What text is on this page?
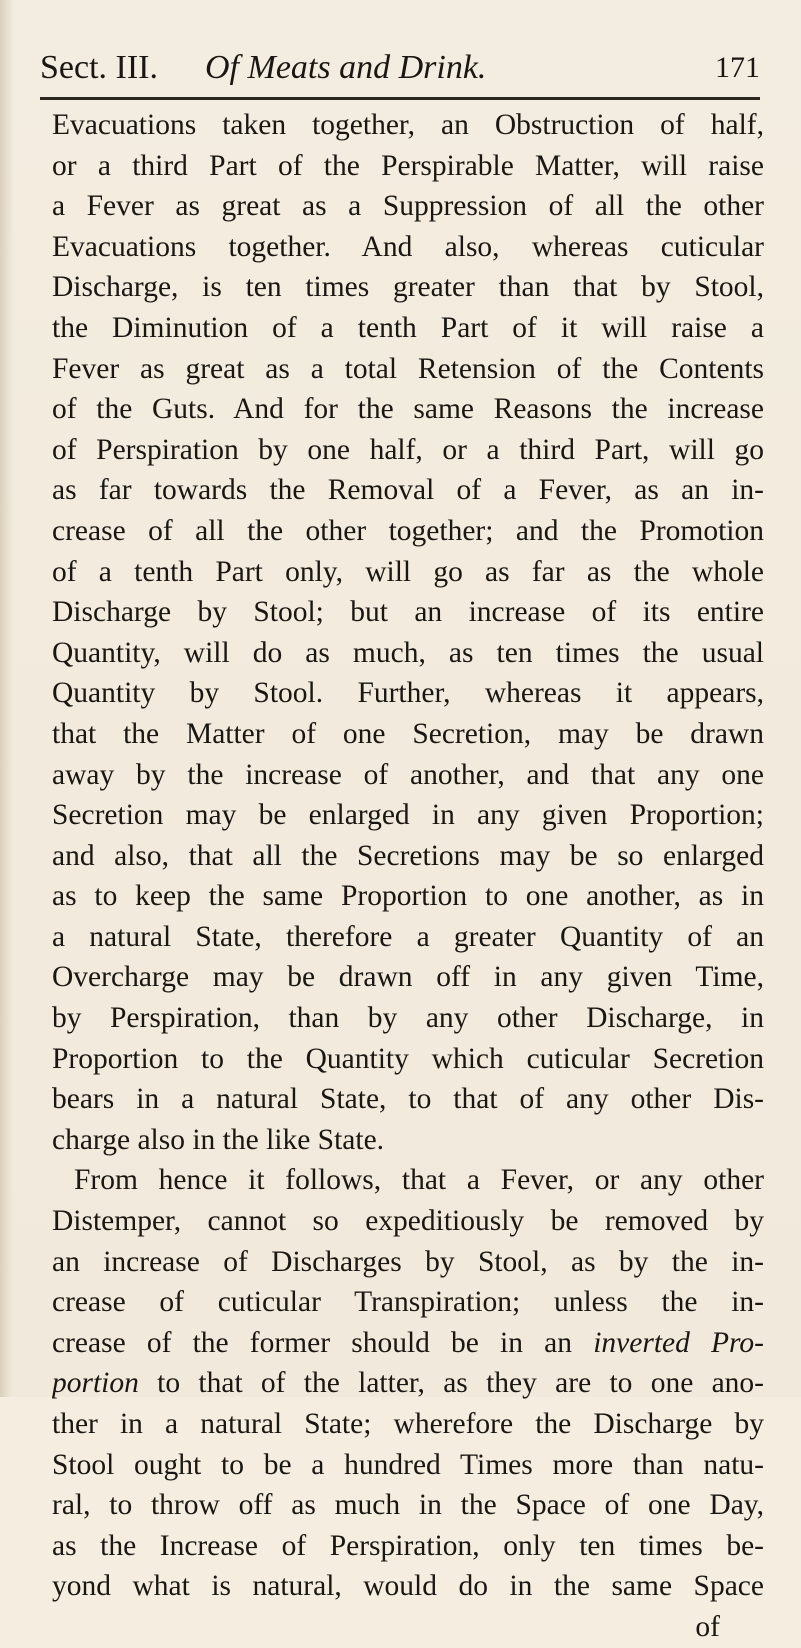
Sect. III. Of Meats and Drink.	171
Evacuations taken together, an Obstruction of half,
or a third Part of the Perspirable Matter, will raise
a Fever as great as a Suppression of all the other
Evacuations together. And also, whereas cuticular
Discharge, is ten times greater than that by Stool,
the Diminution of a tenth Part of it will raise a
Fever as great as a total Retension of the Contents
of the Guts. And for the same Reasons the increase
of Perspiration by one half, or a third Part, will go
as far towards the Removal of a Fever, as an in-
crease of all the other together; and the Promotion
of a tenth Part only, will go as far as the whole
Discharge by Stool; but an increase of its entire
Quantity, will do as much, as ten times the usual
Quantity by Stool. Further, whereas it appears,
that the Matter of one Secretion, may be drawn
away by the increase of another, and that any one
Secretion may be enlarged in any given Proportion;
and also, that all the Secretions may be so enlarged
as to keep the same Proportion to one another, as in
a natural State, therefore a greater Quantity of an
Overcharge may be drawn off in any given Time,
by Perspiration, than by any other Discharge, in
Proportion to the Quantity which cuticular Secretion
bears in a natural State, to that of any other Dis-
charge also in the like State.
From hence it follows, that a Fever, or any other
Distemper, cannot so expeditiously be removed by
an increase of Discharges by Stool, as by the in-
crease of cuticular Transpiration; unless the in-
crease of the former should be in an inverted Pro-
portion to that of the latter, as they are to one ano-
ther in a natural State; wherefore the Discharge by
Stool ought to be a hundred Times more than natu-
ral, to throw off as much in the Space of one Day,
as the Increase of Perspiration, only ten times be-
yond what is natural, would do in the same Space
of
